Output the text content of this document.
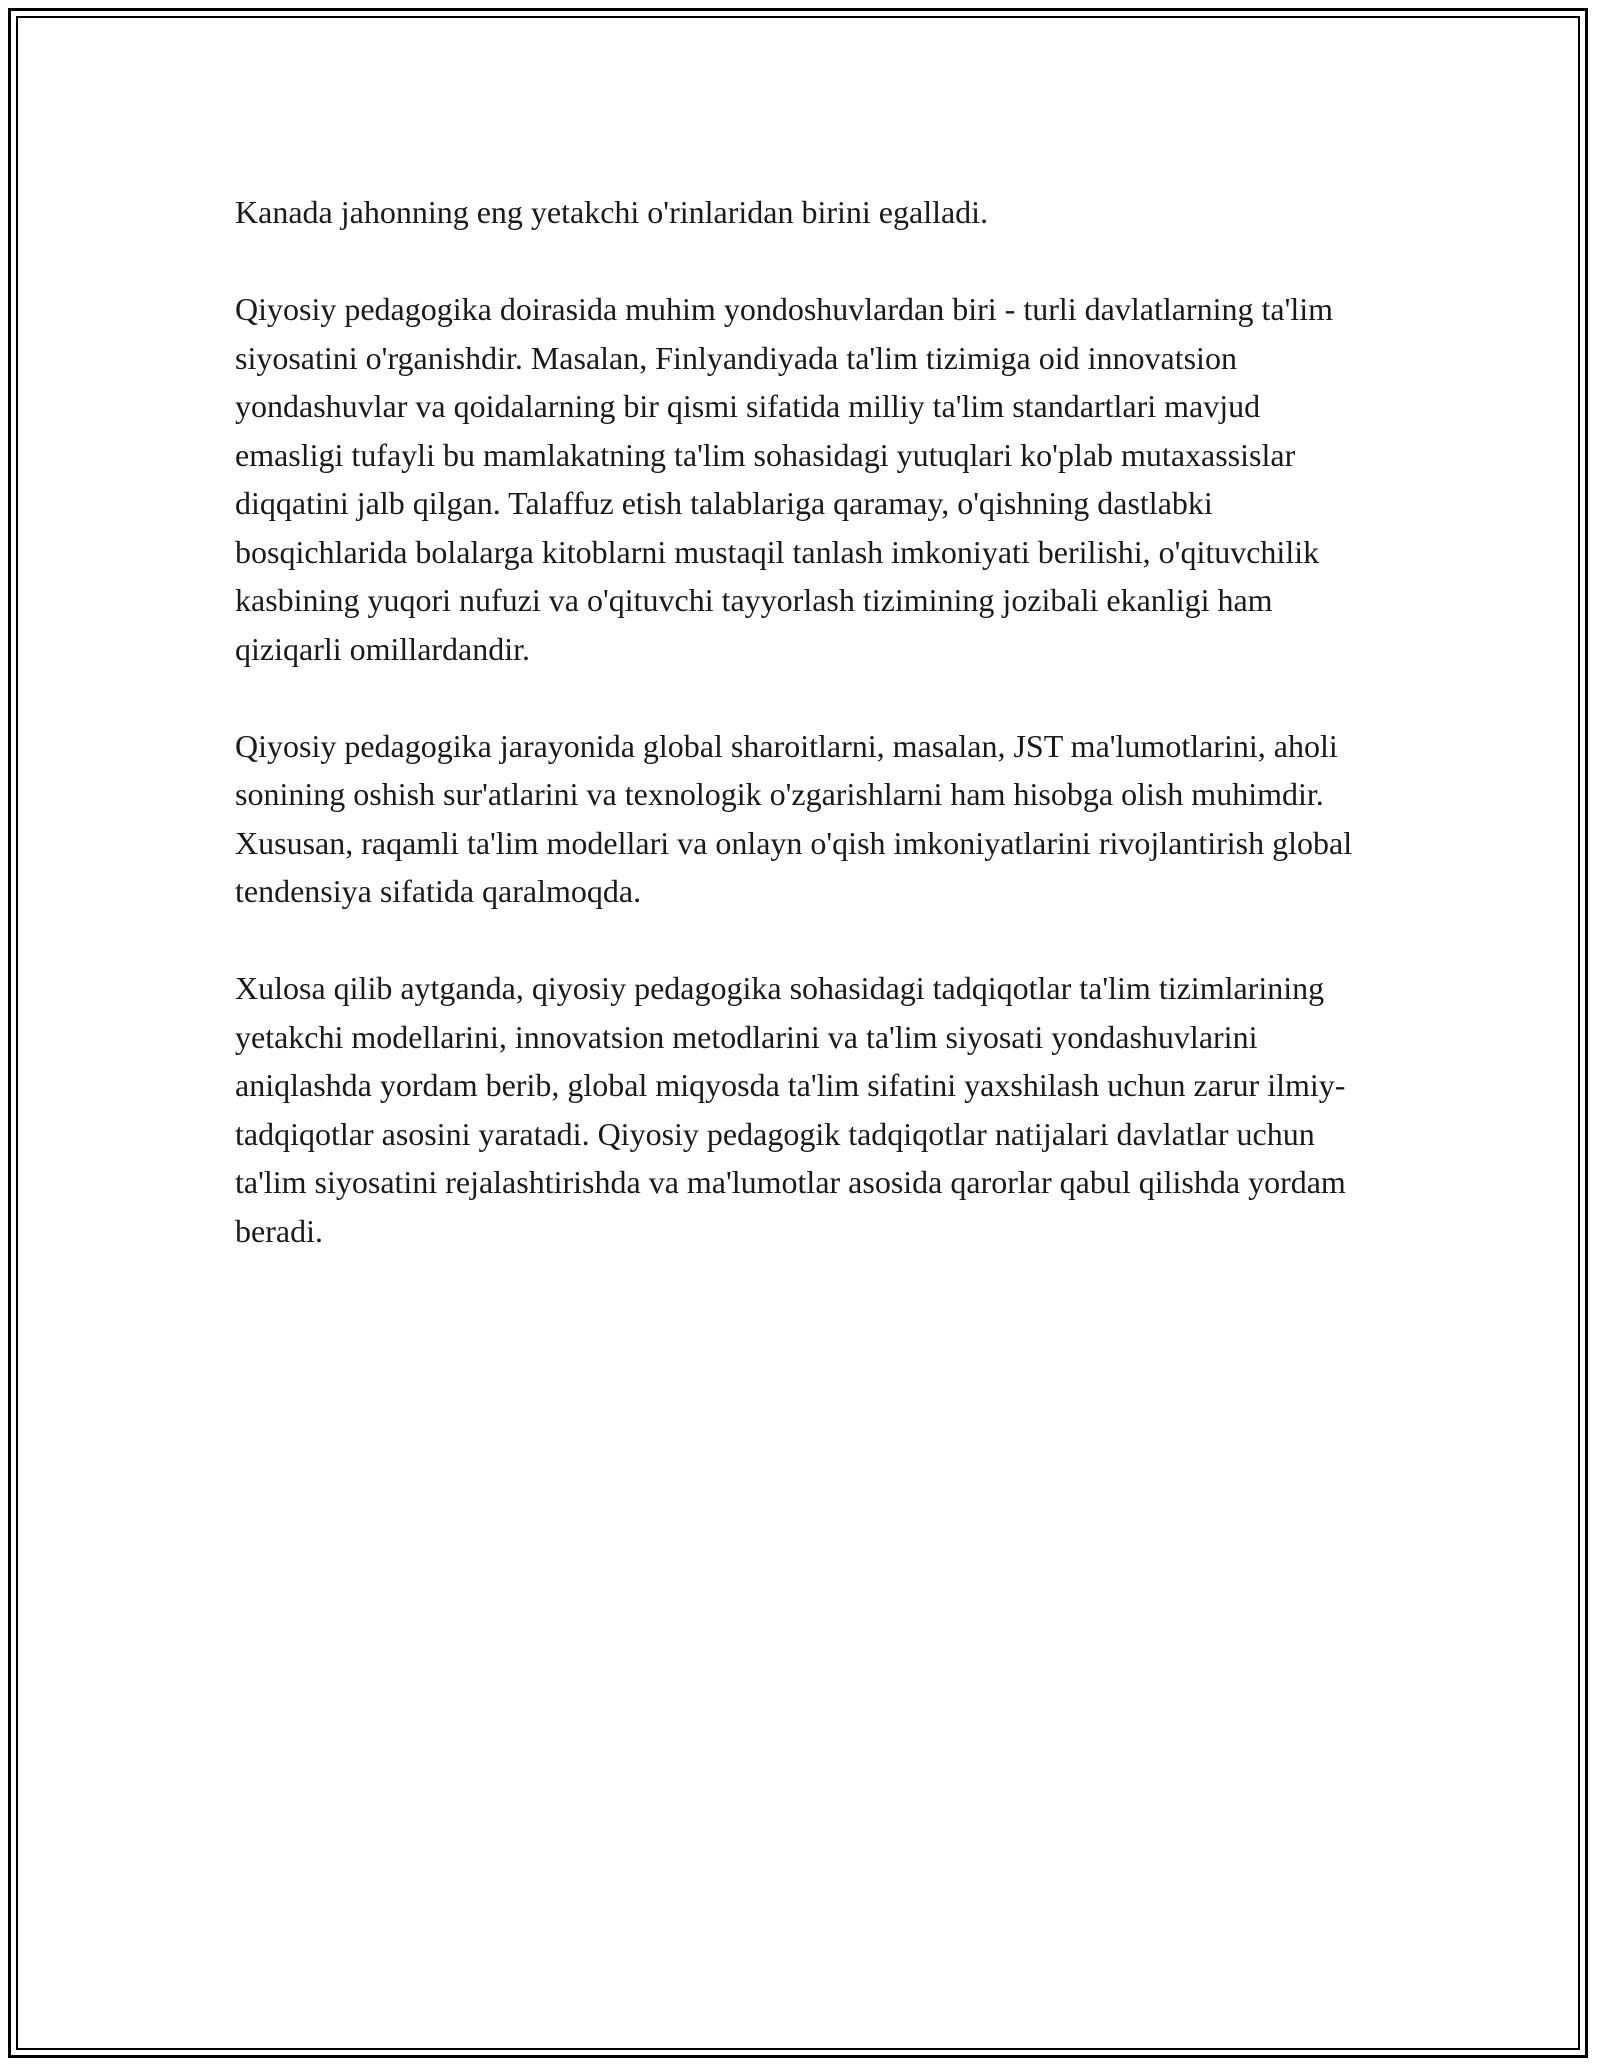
Kanada jahonning eng yetakchi o'rinlaridan birini egalladi.

Qiyosiy pedagogika doirasida muhim yondoshuvlardan biri - turli davlatlarning ta'lim siyosatini o'rganishdir. Masalan, Finlyandiyada ta'lim tizimiga oid innovatsion yondashuvlar va qoidalarning bir qismi sifatida milliy ta'lim standartlari mavjud emasligi tufayli bu mamlakatning ta'lim sohasidagi yutuqlari ko'plab mutaxassislar diqqatini jalb qilgan. Talaffuz etish talablariga qaramay, o'qishning dastlabki bosqichlarida bolalarga kitoblarni mustaqil tanlash imkoniyati berilishi, o'qituvchilik kasbining yuqori nufuzi va o'qituvchi tayyorlash tizimining jozibali ekanligi ham qiziqarli omillardandir.

Qiyosiy pedagogika jarayonida global sharoitlarni, masalan, JST ma'lumotlarini, aholi sonining oshish sur'atlarini va texnologik o'zgarishlarni ham hisobga olish muhimdir. Xususan, raqamli ta'lim modellari va onlayn o'qish imkoniyatlarini rivojlantirish global tendensiya sifatida qaralmoqda.

Xulosa qilib aytganda, qiyosiy pedagogika sohasidagi tadqiqotlar ta'lim tizimlarining yetakchi modellarini, innovatsion metodlarini va ta'lim siyosati yondashuvlarini aniqlashda yordam berib, global miqyosda ta'lim sifatini yaxshilash uchun zarur ilmiy-tadqiqotlar asosini yaratadi. Qiyosiy pedagogik tadqiqotlar natijalari davlatlar uchun ta'lim siyosatini rejalashtirishda va ma'lumotlar asosida qarorlar qabul qilishda yordam beradi.
